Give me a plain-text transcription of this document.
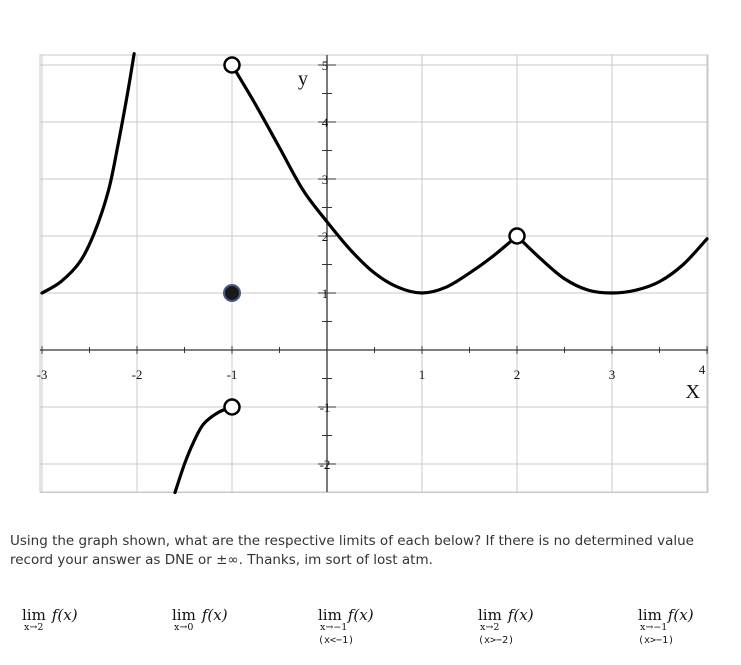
-3	-2	-1	1	2	3	4
5
4
3
2
1
-1
-2
y
X
Using the graph shown, what are the respective limits of each below? If there is no determined value record your answer as DNE or ±∞. Thanks, im sort of lost atm.
lim f(x)
x→2
lim f(x)
x→0
lim f(x)
x→−1
(x<−1)
lim f(x)
x→2
(x>−2)
lim f(x)
x→−1
(x>−1)
